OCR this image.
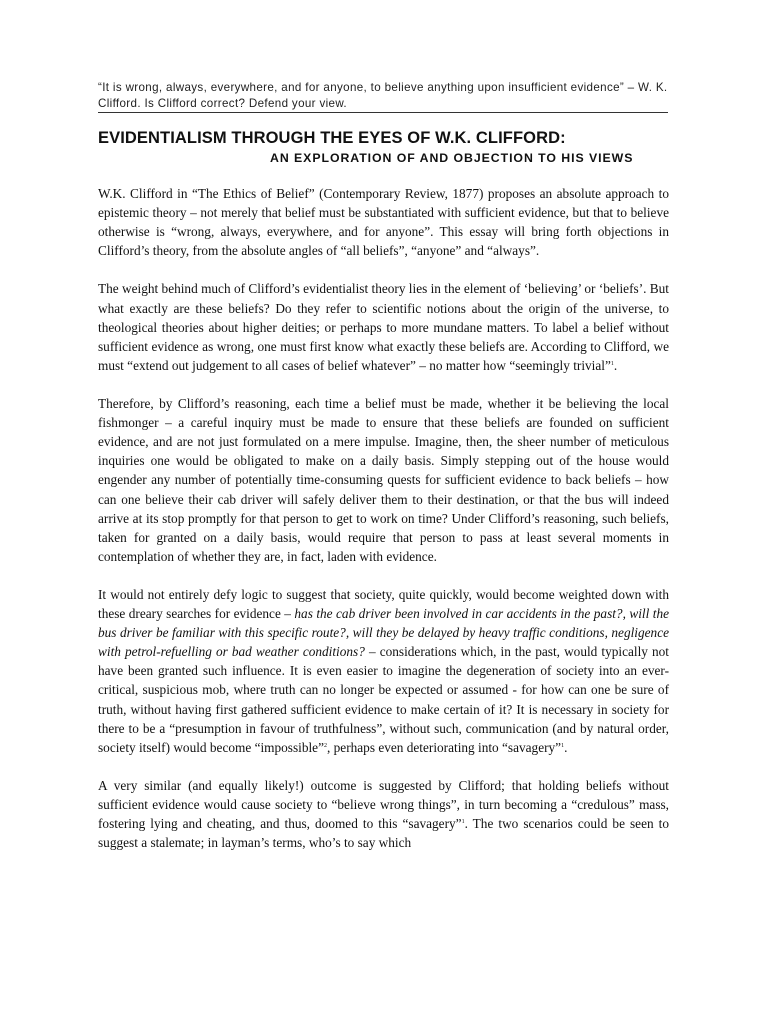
“It is wrong, always, everywhere, and for anyone, to believe anything upon insufficient evidence” – W. K. Clifford. Is Clifford correct? Defend your view.

EVIDENTIALISM THROUGH THE EYES OF W.K. CLIFFORD:
AN EXPLORATION OF AND OBJECTION TO HIS VIEWS

W.K. Clifford in “The Ethics of Belief” (Contemporary Review, 1877) proposes an absolute approach to epistemic theory – not merely that belief must be substantiated with sufficient evidence, but that to believe otherwise is “wrong, always, everywhere, and for anyone”. This essay will bring forth objections in Clifford’s theory, from the absolute angles of “all beliefs”, “anyone” and “always”.

The weight behind much of Clifford’s evidentialist theory lies in the element of ‘believing’ or ‘beliefs’. But what exactly are these beliefs? Do they refer to scientific notions about the origin of the universe, to theological theories about higher deities; or perhaps to more mundane matters. To label a belief without sufficient evidence as wrong, one must first know what exactly these beliefs are. According to Clifford, we must “extend out judgement to all cases of belief whatever” – no matter how “seemingly trivial”$^1$.

Therefore, by Clifford’s reasoning, each time a belief must be made, whether it be believing the local fishmonger – a careful inquiry must be made to ensure that these beliefs are founded on sufficient evidence, and are not just formulated on a mere impulse. Imagine, then, the sheer number of meticulous inquiries one would be obligated to make on a daily basis. Simply stepping out of the house would engender any number of potentially time-consuming quests for sufficient evidence to back beliefs – how can one believe their cab driver will safely deliver them to their destination, or that the bus will indeed arrive at its stop promptly for that person to get to work on time? Under Clifford’s reasoning, such beliefs, taken for granted on a daily basis, would require that person to pass at least several moments in contemplation of whether they are, in fact, laden with evidence.

It would not entirely defy logic to suggest that society, quite quickly, would become weighted down with these dreary searches for evidence – has the cab driver been involved in car accidents in the past?, will the bus driver be familiar with this specific route?, will they be delayed by heavy traffic conditions, negligence with petrol-refuelling or bad weather conditions? – considerations which, in the past, would typically not have been granted such influence. It is even easier to imagine the degeneration of society into an ever-critical, suspicious mob, where truth can no longer be expected or assumed - for how can one be sure of truth, without having first gathered sufficient evidence to make certain of it? It is necessary in society for there to be a “presumption in favour of truthfulness”, without such, communication (and by natural order, society itself) would become “impossible”$^2$, perhaps even deteriorating into “savagery”$^1$.

A very similar (and equally likely!) outcome is suggested by Clifford; that holding beliefs without sufficient evidence would cause society to “believe wrong things”, in turn becoming a “credulous” mass, fostering lying and cheating, and thus, doomed to this “savagery”$^1$. The two scenarios could be seen to suggest a stalemate; in layman’s terms, who’s to say which
